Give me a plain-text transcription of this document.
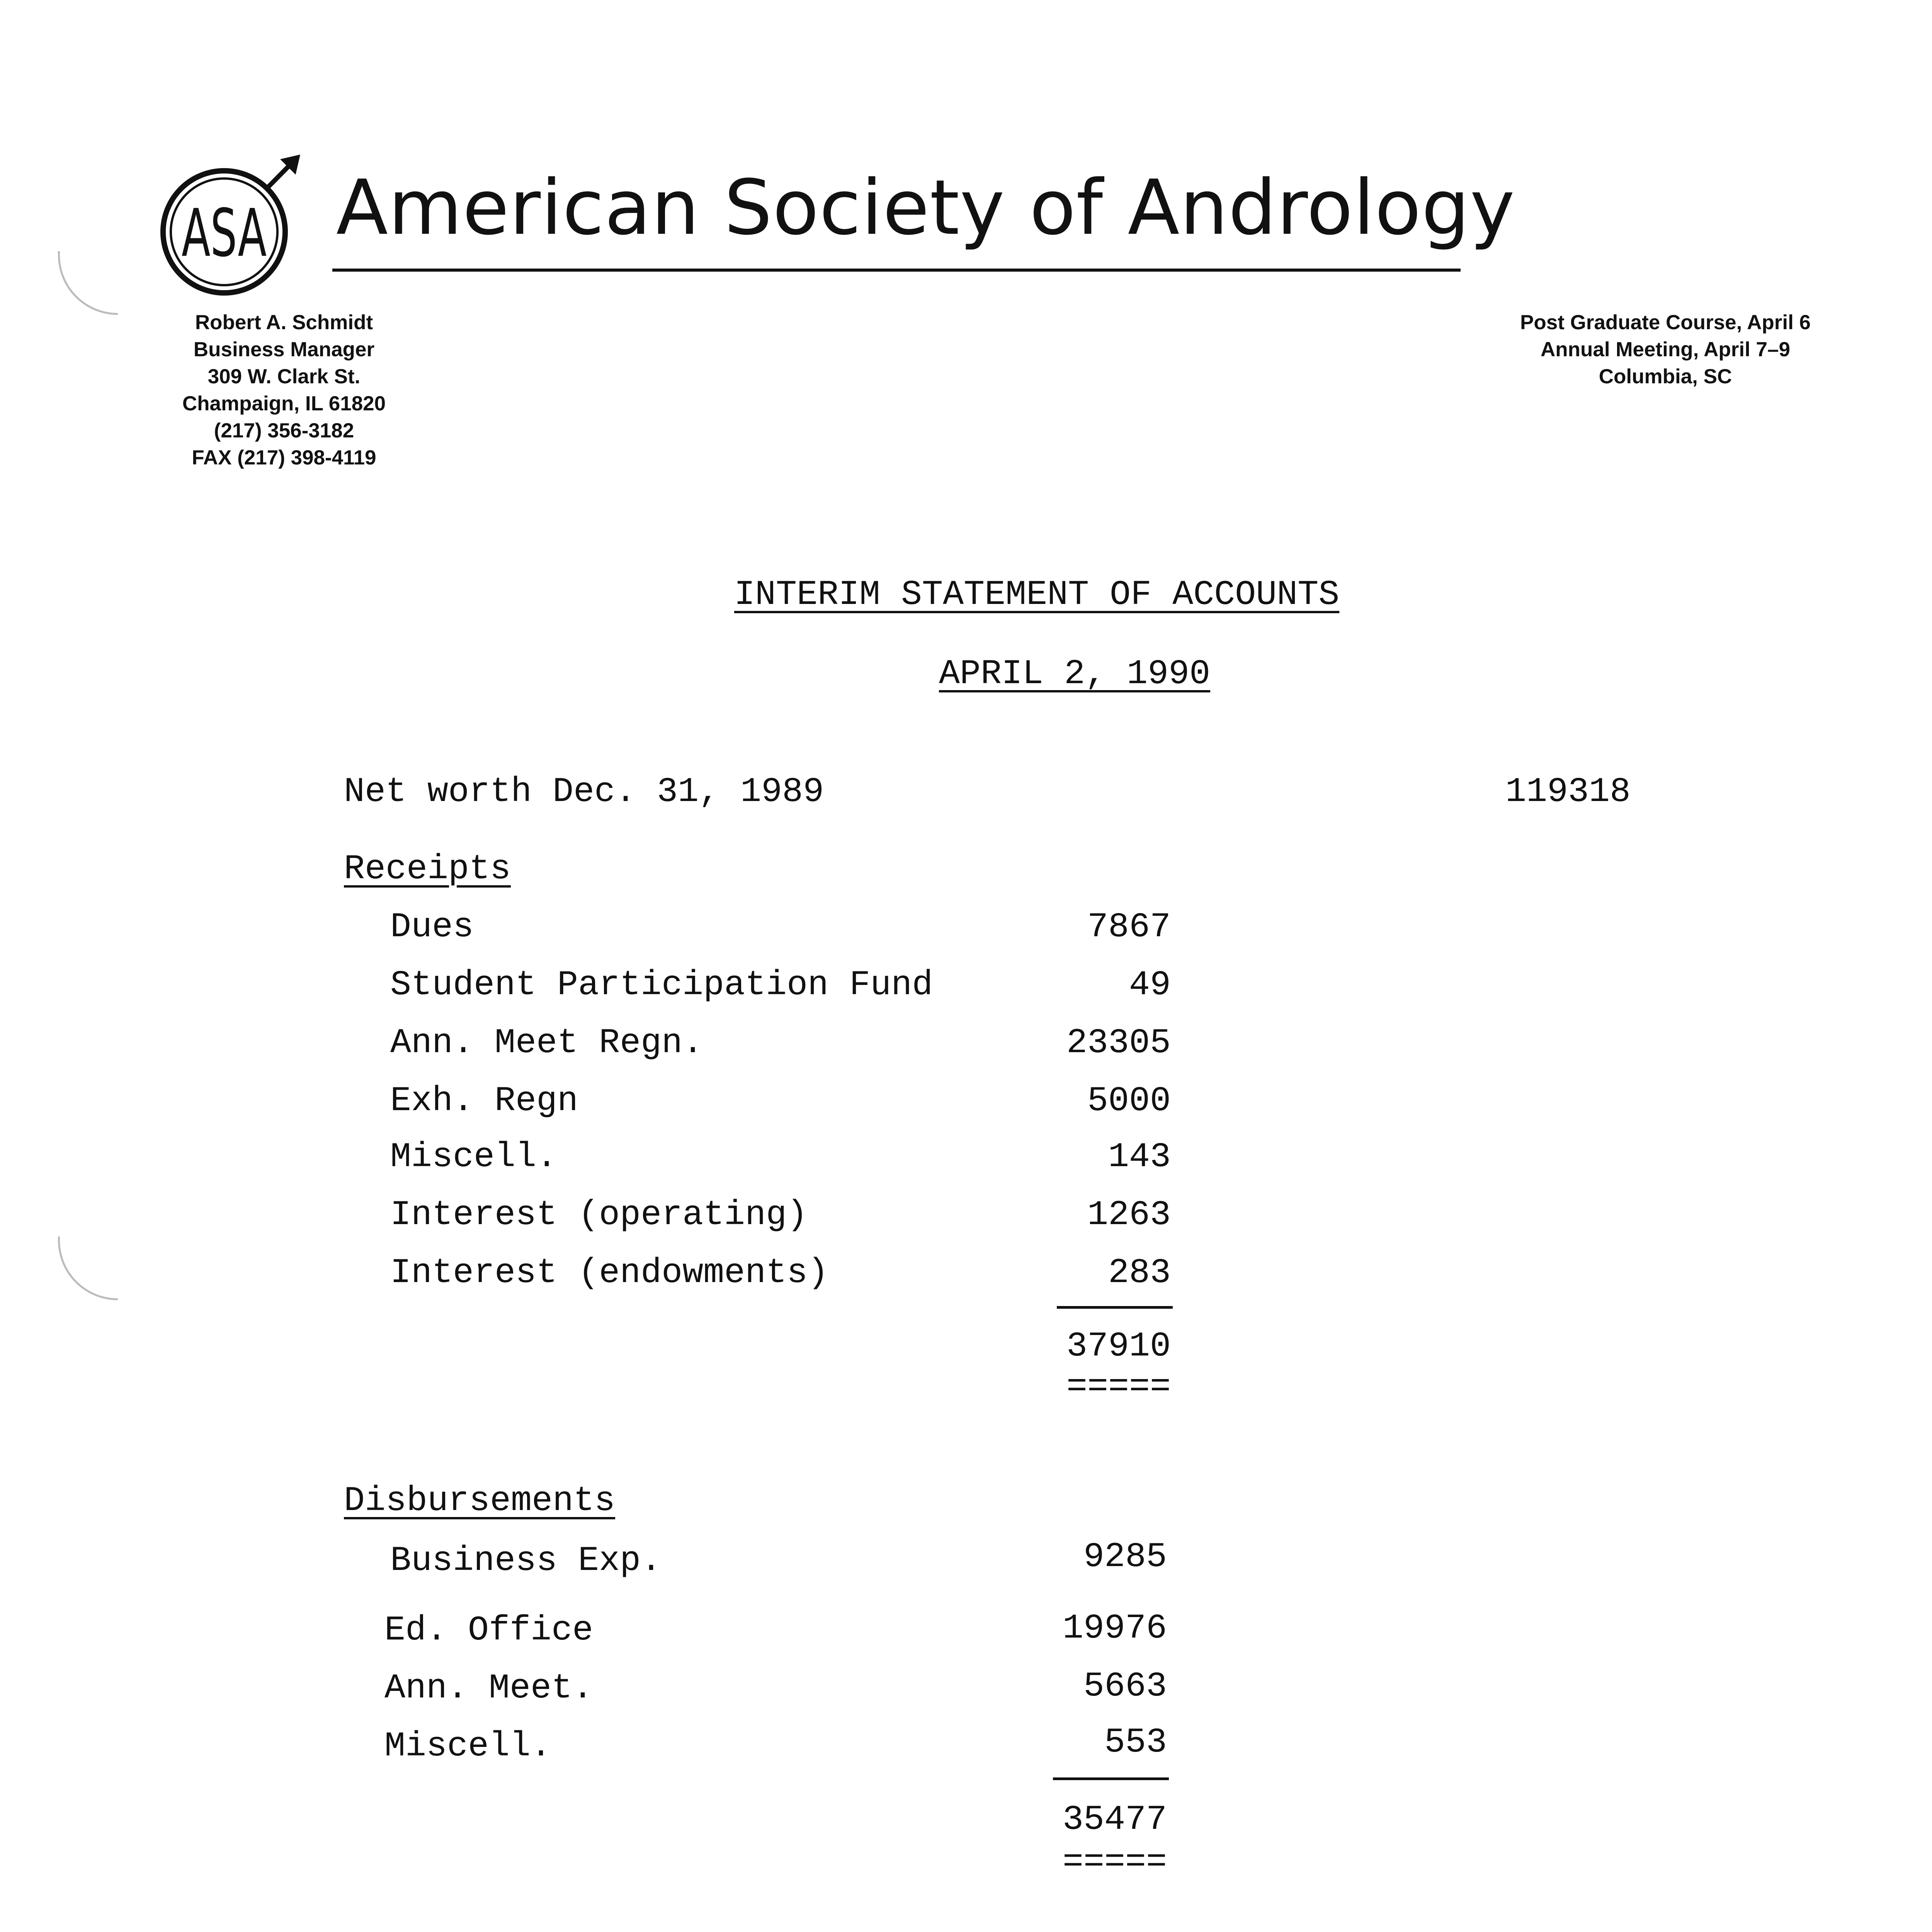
ASA American Society of Andrology
Robert A. Schmidt
Business Manager
309 W. Clark St.
Champaign, IL 61820
(217) 356-3182
FAX (217) 398-4119
Post Graduate Course, April 6
Annual Meeting, April 7–9
Columbia, SC
INTERIM STATEMENT OF ACCOUNTS
APRIL 2, 1990
Net worth Dec. 31, 1989	119318
Receipts
Dues	7867
Student Participation Fund	49
Ann. Meet Regn.	23305
Exh. Regn	5000
Miscell.	143
Interest (operating)	1263
Interest (endowments)	283
37910
=====
Disbursements
Business Exp.	9285
Ed. Office	19976
Ann. Meet.	5663
Miscell.	553
35477
=====
